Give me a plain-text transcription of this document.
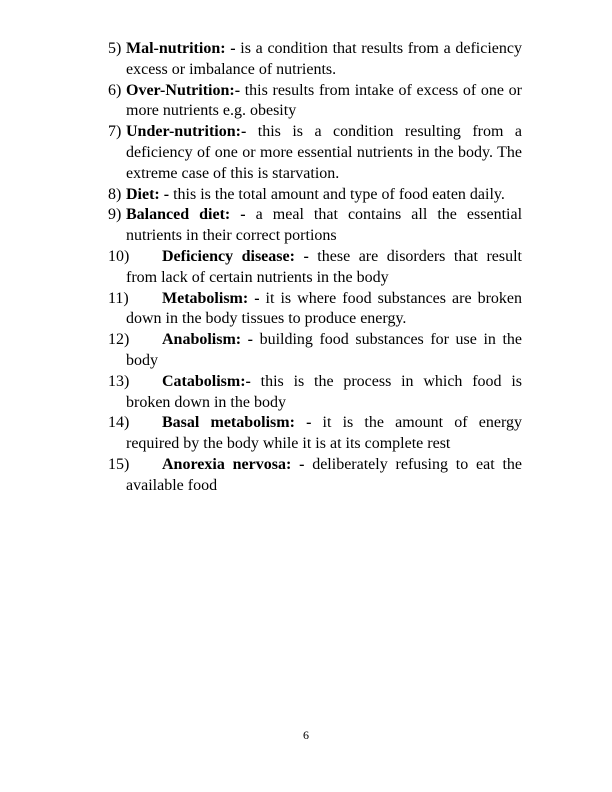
5) Mal-nutrition: - is a condition that results from a deficiency excess or imbalance of nutrients.
6) Over-Nutrition:- this results from intake of excess of one or more nutrients e.g. obesity
7) Under-nutrition:- this is a condition resulting from a deficiency of one or more essential nutrients in the body. The extreme case of this is starvation.
8) Diet: - this is the total amount and type of food eaten daily.
9) Balanced diet: - a meal that contains all the essential nutrients in their correct portions
10) Deficiency disease: - these are disorders that result from lack of certain nutrients in the body
11) Metabolism: - it is where food substances are broken down in the body tissues to produce energy.
12) Anabolism: - building food substances for use in the body
13) Catabolism:- this is the process in which food is broken down in the body
14) Basal metabolism: - it is the amount of energy required by the body while it is at its complete rest
15) Anorexia nervosa: - deliberately refusing to eat the available food
6
